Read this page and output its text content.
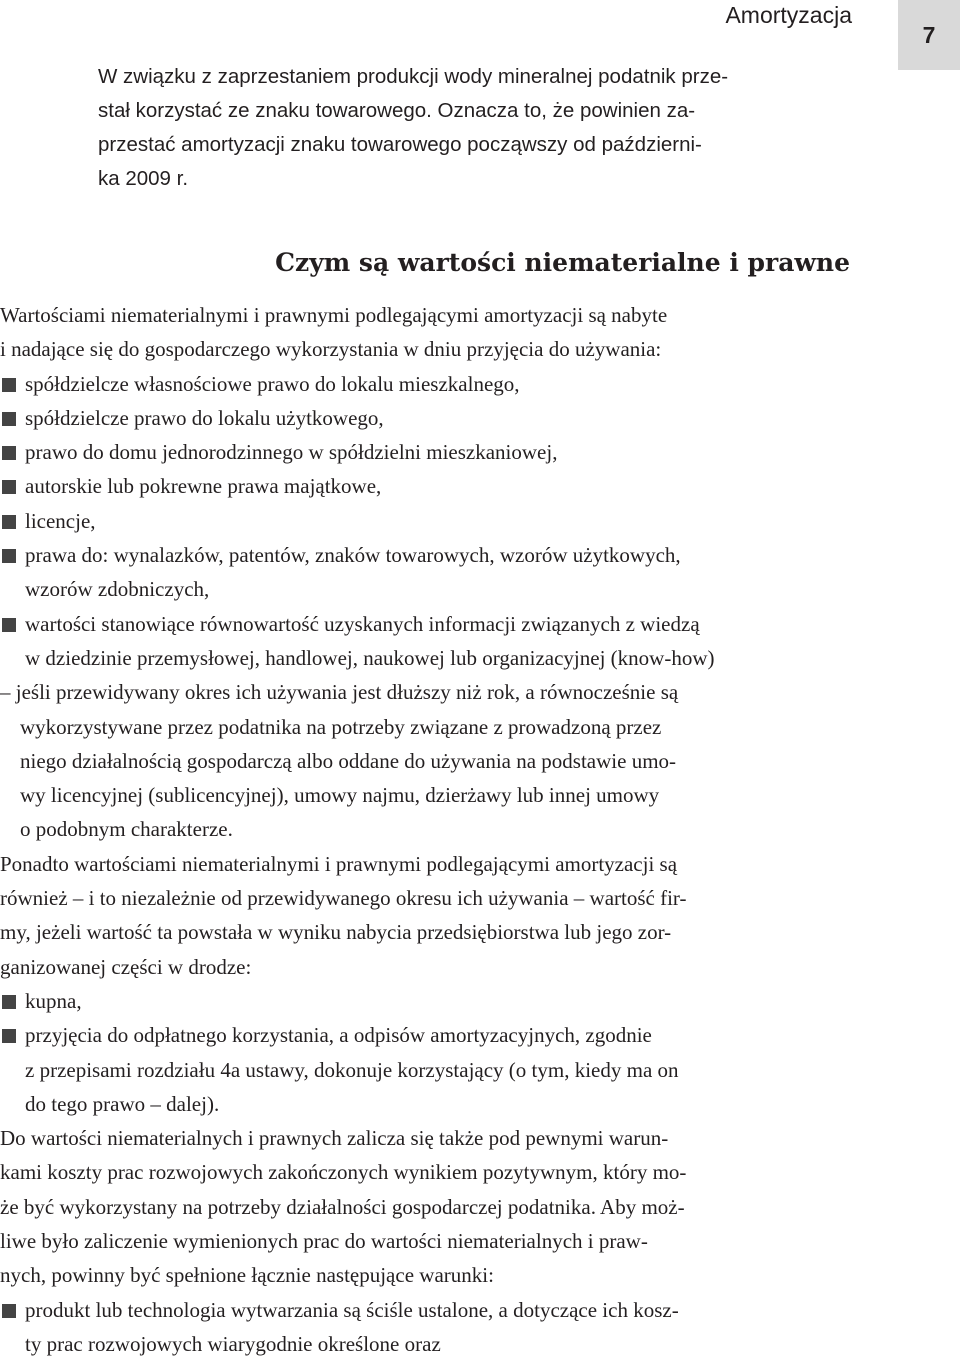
Amortyzacja
7
W związku z zaprzestaniem produkcji wody mineralnej podatnik prze-
stał korzystać ze znaku towarowego. Oznacza to, że powinien za-
przestać amortyzacji znaku towarowego począwszy od październi-
ka 2009 r.
Czym są wartości niematerialne i prawne
Wartościami niematerialnymi i prawnymi podlegającymi amortyzacji są nabyte
i nadające się do gospodarczego wykorzystania w dniu przyjęcia do używania:
spółdzielcze własnościowe prawo do lokalu mieszkalnego,
spółdzielcze prawo do lokalu użytkowego,
prawo do domu jednorodzinnego w spółdzielni mieszkaniowej,
autorskie lub pokrewne prawa majątkowe,
licencje,
prawa do: wynalazków, patentów, znaków towarowych, wzorów użytkowych,
wzorów zdobniczych,
wartości stanowiące równowartość uzyskanych informacji związanych z wiedzą
w dziedzinie przemysłowej, handlowej, naukowej lub organizacyjnej (know-how)
– jeśli przewidywany okres ich używania jest dłuższy niż rok, a równocześnie są
wykorzystywane przez podatnika na potrzeby związane z prowadzoną przez
niego działalnością gospodarczą albo oddane do używania na podstawie umo-
wy licencyjnej (sublicencyjnej), umowy najmu, dzierżawy lub innej umowy
o podobnym charakterze.
Ponadto wartościami niematerialnymi i prawnymi podlegającymi amortyzacji są
również – i to niezależnie od przewidywanego okresu ich używania – wartość fir-
my, jeżeli wartość ta powstała w wyniku nabycia przedsiębiorstwa lub jego zor-
ganizowanej części w drodze:
kupna,
przyjęcia do odpłatnego korzystania, a odpisów amortyzacyjnych, zgodnie
z przepisami rozdziału 4a ustawy, dokonuje korzystający (o tym, kiedy ma on
do tego prawo – dalej).
Do wartości niematerialnych i prawnych zalicza się także pod pewnymi warun-
kami koszty prac rozwojowych zakończonych wynikiem pozytywnym, który mo-
że być wykorzystany na potrzeby działalności gospodarczej podatnika. Aby moż-
liwe było zaliczenie wymienionych prac do wartości niematerialnych i praw-
nych, powinny być spełnione łącznie następujące warunki:
produkt lub technologia wytwarzania są ściśle ustalone, a dotyczące ich kosz-
ty prac rozwojowych wiarygodnie określone oraz
